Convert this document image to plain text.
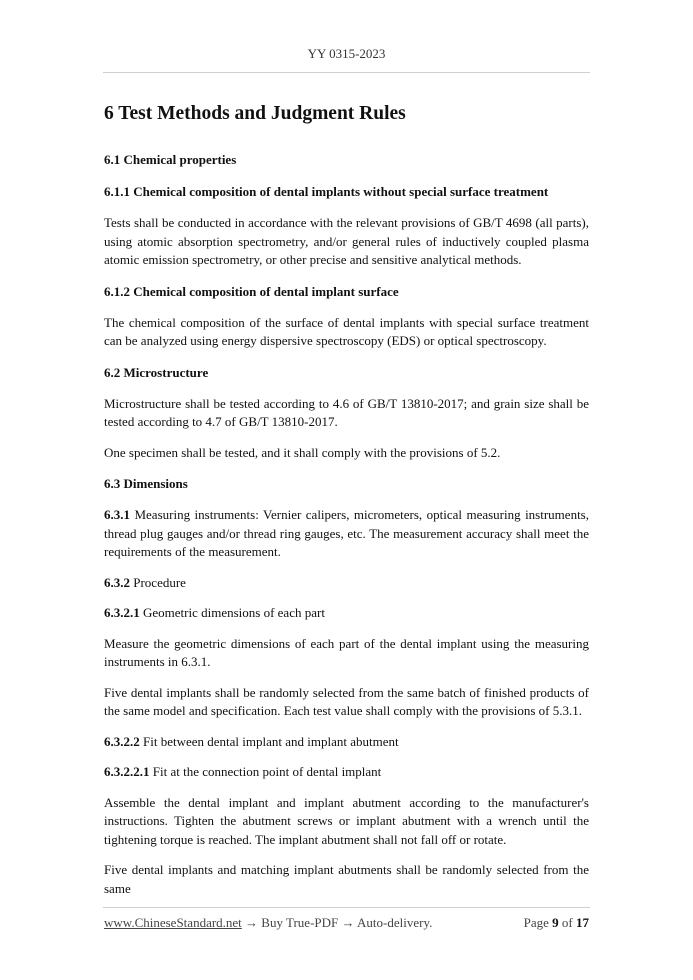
YY 0315-2023
6 Test Methods and Judgment Rules
6.1 Chemical properties
6.1.1 Chemical composition of dental implants without special surface treatment

Tests shall be conducted in accordance with the relevant provisions of GB/T 4698 (all parts), using atomic absorption spectrometry, and/or general rules of inductively coupled plasma atomic emission spectrometry, or other precise and sensitive analytical methods.

6.1.2 Chemical composition of dental implant surface

The chemical composition of the surface of dental implants with special surface treatment can be analyzed using energy dispersive spectroscopy (EDS) or optical spectroscopy.

6.2 Microstructure

Microstructure shall be tested according to 4.6 of GB/T 13810-2017; and grain size shall be tested according to 4.7 of GB/T 13810-2017.

One specimen shall be tested, and it shall comply with the provisions of 5.2.

6.3 Dimensions

6.3.1 Measuring instruments: Vernier calipers, micrometers, optical measuring instruments, thread plug gauges and/or thread ring gauges, etc. The measurement accuracy shall meet the requirements of the measurement.

6.3.2 Procedure

6.3.2.1 Geometric dimensions of each part

Measure the geometric dimensions of each part of the dental implant using the measuring instruments in 6.3.1.

Five dental implants shall be randomly selected from the same batch of finished products of the same model and specification. Each test value shall comply with the provisions of 5.3.1.

6.3.2.2 Fit between dental implant and implant abutment

6.3.2.2.1 Fit at the connection point of dental implant

Assemble the dental implant and implant abutment according to the manufacturer's instructions. Tighten the abutment screws or implant abutment with a wrench until the tightening torque is reached. The implant abutment shall not fall off or rotate.

Five dental implants and matching implant abutments shall be randomly selected from the same

www.ChineseStandard.net → Buy True-PDF → Auto-delivery.	Page 9 of 17
